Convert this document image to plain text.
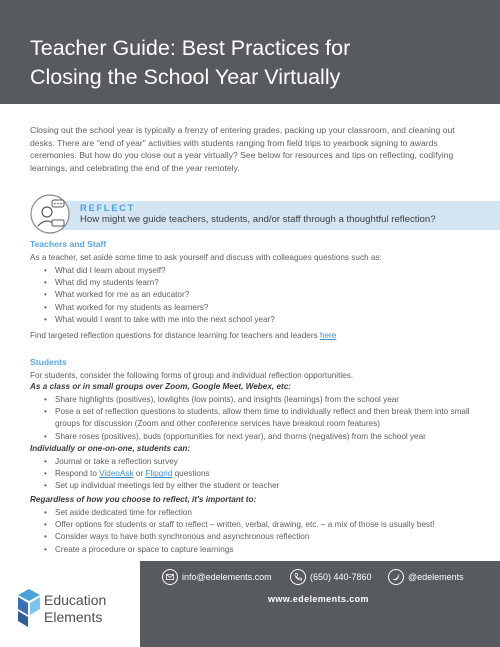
Teacher Guide: Best Practices for
Closing the School Year Virtually

Closing out the school year is typically a frenzy of entering grades, packing up your classroom, and cleaning out desks. There are "end of year" activities with students ranging from field trips to yearbook signing to awards ceremonies. But how do you close out a year virtually? See below for resources and tips on reflecting, codifying learnings, and celebrating the end of the year remotely.

REFLECT
How might we guide teachers, students, and/or staff through a thoughtful reflection?
Teachers and Staff
As a teacher, set aside some time to ask yourself and discuss with colleagues questions such as:
• What did I learn about myself?
• What did my students learn?
• What worked for me as an educator?
• What worked for my students as learners?
• What would I want to take with me into the next school year?
Find targeted reflection questions for distance learning for teachers and leaders here
Students
For students, consider the following forms of group and individual reflection opportunities.
As a class or in small groups over Zoom, Google Meet, Webex, etc:
• Share highlights (positives), lowlights (low points), and insights (learnings) from the school year
• Pose a set of reflection questions to students, allow them time to individually reflect and then break them into small groups for discussion (Zoom and other conference services have breakout room features)
• Share roses (positives), buds (opportunities for next year), and thorns (negatives) from the school year
Individually or one-on-one, students can:
• Journal or take a reflection survey
• Respond to VideoAsk or Flipgrid questions
• Set up individual meetings led by either the student or teacher
Regardless of how you choose to reflect, it's important to:
• Set aside dedicated time for reflection
• Offer options for students or staff to reflect – written, verbal, drawing, etc. – a mix of those is usually best!
• Consider ways to have both synchronous and asynchronous reflection
• Create a procedure or space to capture learnings
Education
Elements
info@edelements.com	(650) 440-7860	@edelements
www.edelements.com
